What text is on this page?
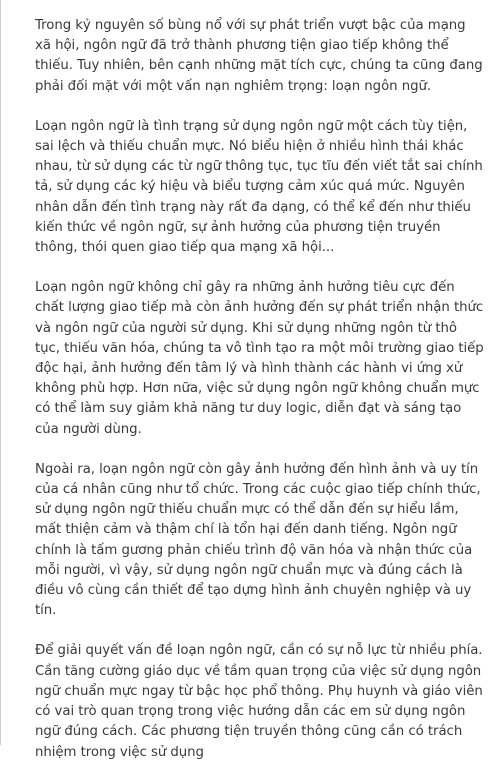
Trong kỷ nguyên số bùng nổ với sự phát triển vượt bậc của mạng xã hội, ngôn ngữ đã trở thành phương tiện giao tiếp không thể thiếu. Tuy nhiên, bên cạnh những mặt tích cực, chúng ta cũng đang phải đối mặt với một vấn nạn nghiêm trọng: loạn ngôn ngữ.

Loạn ngôn ngữ là tình trạng sử dụng ngôn ngữ một cách tùy tiện, sai lệch và thiếu chuẩn mực. Nó biểu hiện ở nhiều hình thái khác nhau, từ sử dụng các từ ngữ thông tục, tục tĩu đến viết tắt sai chính tả, sử dụng các ký hiệu và biểu tượng cảm xúc quá mức. Nguyên nhân dẫn đến tình trạng này rất đa dạng, có thể kể đến như thiếu kiến thức về ngôn ngữ, sự ảnh hưởng của phương tiện truyền thông, thói quen giao tiếp qua mạng xã hội...

Loạn ngôn ngữ không chỉ gây ra những ảnh hưởng tiêu cực đến chất lượng giao tiếp mà còn ảnh hưởng đến sự phát triển nhận thức và ngôn ngữ của người sử dụng. Khi sử dụng những ngôn từ thô tục, thiếu văn hóa, chúng ta vô tình tạo ra một môi trường giao tiếp độc hại, ảnh hưởng đến tâm lý và hình thành các hành vi ứng xử không phù hợp. Hơn nữa, việc sử dụng ngôn ngữ không chuẩn mực có thể làm suy giảm khả năng tư duy logic, diễn đạt và sáng tạo của người dùng.

Ngoài ra, loạn ngôn ngữ còn gây ảnh hưởng đến hình ảnh và uy tín của cá nhân cũng như tổ chức. Trong các cuộc giao tiếp chính thức, sử dụng ngôn ngữ thiếu chuẩn mực có thể dẫn đến sự hiểu lầm, mất thiện cảm và thậm chí là tổn hại đến danh tiếng. Ngôn ngữ chính là tấm gương phản chiếu trình độ văn hóa và nhận thức của mỗi người, vì vậy, sử dụng ngôn ngữ chuẩn mực và đúng cách là điều vô cùng cần thiết để tạo dựng hình ảnh chuyên nghiệp và uy tín.

Để giải quyết vấn đề loạn ngôn ngữ, cần có sự nỗ lực từ nhiều phía. Cần tăng cường giáo dục về tầm quan trọng của việc sử dụng ngôn ngữ chuẩn mực ngay từ bậc học phổ thông. Phụ huynh và giáo viên có vai trò quan trọng trong việc hướng dẫn các em sử dụng ngôn ngữ đúng cách. Các phương tiện truyền thông cũng cần có trách nhiệm trong việc sử dụng
